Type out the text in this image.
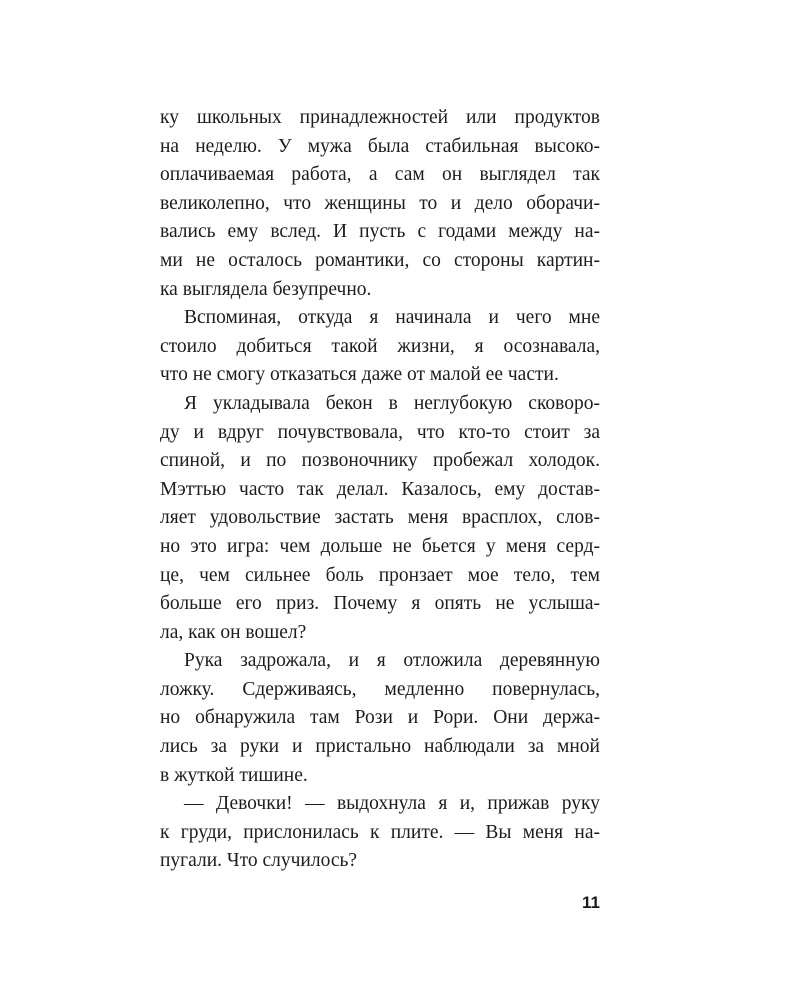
ку школьных принадлежностей или продуктов
на неделю. У мужа была стабильная высоко-
оплачиваемая работа, а сам он выглядел так
великолепно, что женщины то и дело оборачи-
вались ему вслед. И пусть с годами между на-
ми не осталось романтики, со стороны картин-
ка выглядела безупречно.
Вспоминая, откуда я начинала и чего мне
стоило добиться такой жизни, я осознавала,
что не смогу отказаться даже от малой ее части.
Я укладывала бекон в неглубокую сковоро-
ду и вдруг почувствовала, что кто-то стоит за
спиной, и по позвоночнику пробежал холодок.
Мэттью часто так делал. Казалось, ему достав-
ляет удовольствие застать меня врасплох, слов-
но это игра: чем дольше не бьется у меня серд-
це, чем сильнее боль пронзает мое тело, тем
больше его приз. Почему я опять не услыша-
ла, как он вошел?
Рука задрожала, и я отложила деревянную
ложку. Сдерживаясь, медленно повернулась,
но обнаружила там Рози и Рори. Они держа-
лись за руки и пристально наблюдали за мной
в жуткой тишине.
— Девочки! — выдохнула я и, прижав руку
к груди, прислонилась к плите. — Вы меня на-
пугали. Что случилось?
11
